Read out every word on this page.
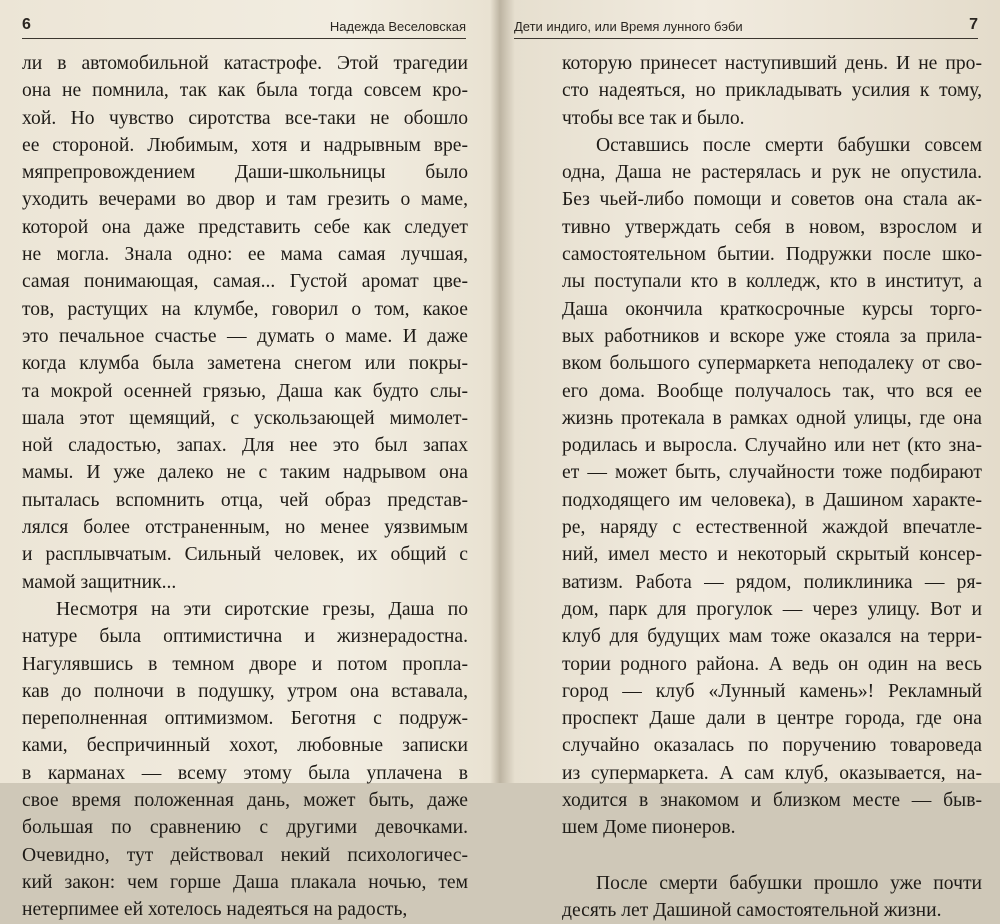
6	Надежда Веселовская
ли в автомобильной катастрофе. Этой трагедии
она не помнила, так как была тогда совсем кро-
хой. Но чувство сиротства все-таки не обошло
ее стороной. Любимым, хотя и надрывным вре-
мяпрепровождением Даши-школьницы было
уходить вечерами во двор и там грезить о маме,
которой она даже представить себе как следует
не могла. Знала одно: ее мама самая лучшая,
самая понимающая, самая... Густой аромат цве-
тов, растущих на клумбе, говорил о том, какое
это печальное счастье — думать о маме. И даже
когда клумба была заметена снегом или покры-
та мокрой осенней грязью, Даша как будто слы-
шала этот щемящий, с ускользающей мимолет-
ной сладостью, запах. Для нее это был запах
мамы. И уже далеко не с таким надрывом она
пыталась вспомнить отца, чей образ представ-
лялся более отстраненным, но менее уязвимым
и расплывчатым. Сильный человек, их общий с
мамой защитник...
Несмотря на эти сиротские грезы, Даша по
натуре была оптимистична и жизнерадостна.
Нагулявшись в темном дворе и потом пропла-
кав до полночи в подушку, утром она вставала,
переполненная оптимизмом. Беготня с подруж-
ками, беспричинный хохот, любовные записки
в карманах — всему этому была уплачена в
свое время положенная дань, может быть, даже
большая по сравнению с другими девочками.
Очевидно, тут действовал некий психологичес-
кий закон: чем горше Даша плакала ночью, тем
нетерпимее ей хотелось надеяться на радость,
Дети индиго, или Время лунного бэби	7
которую принесет наступивший день. И не про-
сто надеяться, но прикладывать усилия к тому,
чтобы все так и было.
Оставшись после смерти бабушки совсем
одна, Даша не растерялась и рук не опустила.
Без чьей-либо помощи и советов она стала ак-
тивно утверждать себя в новом, взрослом и
самостоятельном бытии. Подружки после шко-
лы поступали кто в колледж, кто в институт, а
Даша окончила краткосрочные курсы торго-
вых работников и вскоре уже стояла за прила-
вком большого супермаркета неподалеку от сво-
его дома. Вообще получалось так, что вся ее
жизнь протекала в рамках одной улицы, где она
родилась и выросла. Случайно или нет (кто зна-
ет — может быть, случайности тоже подбирают
подходящего им человека), в Дашином характе-
ре, наряду с естественной жаждой впечатле-
ний, имел место и некоторый скрытый консер-
ватизм. Работа — рядом, поликлиника — ря-
дом, парк для прогулок — через улицу. Вот и
клуб для будущих мам тоже оказался на терри-
тории родного района. А ведь он один на весь
город — клуб «Лунный камень»! Рекламный
проспект Даше дали в центре города, где она
случайно оказалась по поручению товароведа
из супермаркета. А сам клуб, оказывается, на-
ходится в знакомом и близком месте — быв-
шем Доме пионеров.
После смерти бабушки прошло уже почти
десять лет Дашиной самостоятельной жизни.
